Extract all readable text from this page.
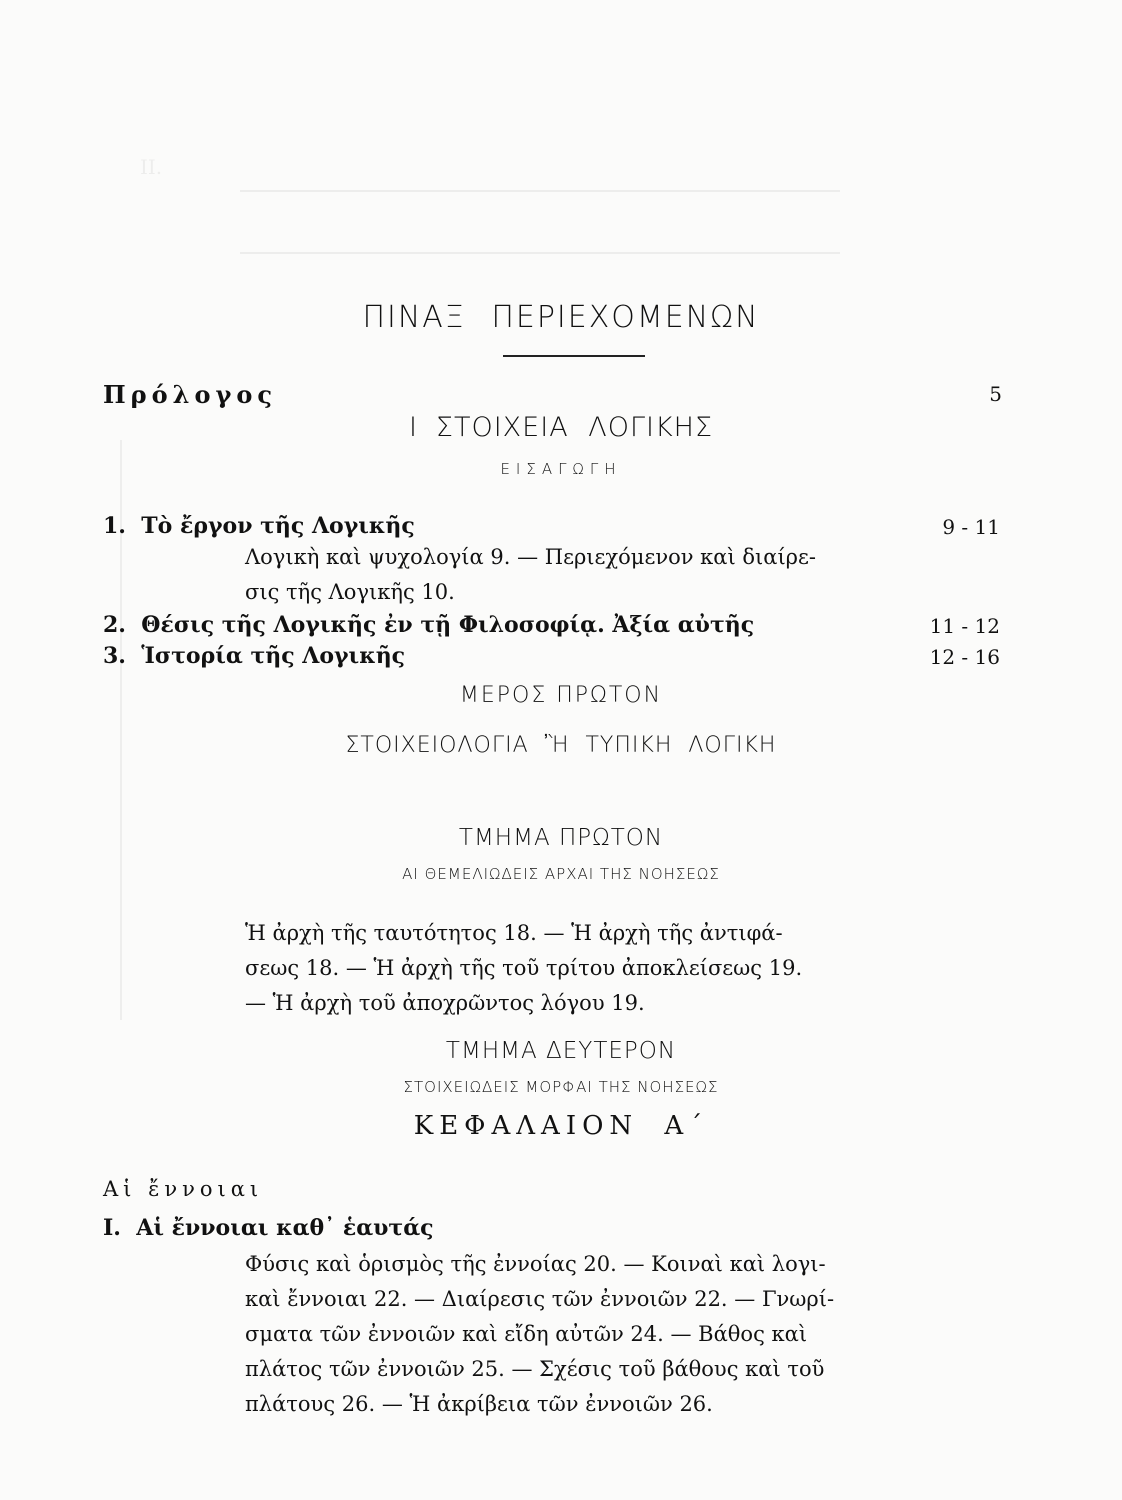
II.
ΠΙΝΑΞ ΠΕΡΙΕΧΟΜΕΝΩΝ
Πρόλογος	5
I ΣΤΟΙΧΕΙΑ ΛΟΓΙΚΗΣ
ΕΙΣΑΓΩΓΗ
1. Τὸ ἔργον τῆς Λογικῆς	9 - 11
Λογικὴ καὶ ψυχολογία 9. — Περιεχόμενον καὶ διαίρε-
σις τῆς Λογικῆς 10.
2. Θέσις τῆς Λογικῆς ἐν τῇ Φιλοσοφίᾳ. Ἀξία αὐτῆς	11 - 12
3. Ἱστορία τῆς Λογικῆς	12 - 16
ΜΕΡΟΣ ΠΡΩΤΟΝ
ΣΤΟΙΧΕΙΟΛΟΓΙΑ Ἢ ΤΥΠΙΚΗ ΛΟΓΙΚΗ
ΤΜΗΜΑ ΠΡΩΤΟΝ
ΑΙ ΘΕΜΕΛΙΩΔΕΙΣ ΑΡΧΑΙ ΤΗΣ ΝΟΗΣΕΩΣ
Ἡ ἀρχὴ τῆς ταυτότητος 18. — Ἡ ἀρχὴ τῆς ἀντιφά-
σεως 18. — Ἡ ἀρχὴ τῆς τοῦ τρίτου ἀποκλείσεως 19.
— Ἡ ἀρχὴ τοῦ ἀποχρῶντος λόγου 19.
ΤΜΗΜΑ ΔΕΥΤΕΡΟΝ
ΣΤΟΙΧΕΙΩΔΕΙΣ ΜΟΡΦΑΙ ΤΗΣ ΝΟΗΣΕΩΣ
ΚΕΦΑΛΑΙΟΝ Α΄
Αἱ ἔννοιαι
I. Αἱ ἔννοιαι καθ᾽ ἑαυτάς
Φύσις καὶ ὁρισμὸς τῆς ἐννοίας 20. — Κοιναὶ καὶ λογι-
καὶ ἔννοιαι 22. — Διαίρεσις τῶν ἐννοιῶν 22. — Γνωρί-
σματα τῶν ἐννοιῶν καὶ εἴδη αὐτῶν 24. — Βάθος καὶ
πλάτος τῶν ἐννοιῶν 25. — Σχέσις τοῦ βάθους καὶ τοῦ
πλάτους 26. — Ἡ ἀκρίβεια τῶν ἐννοιῶν 26.
